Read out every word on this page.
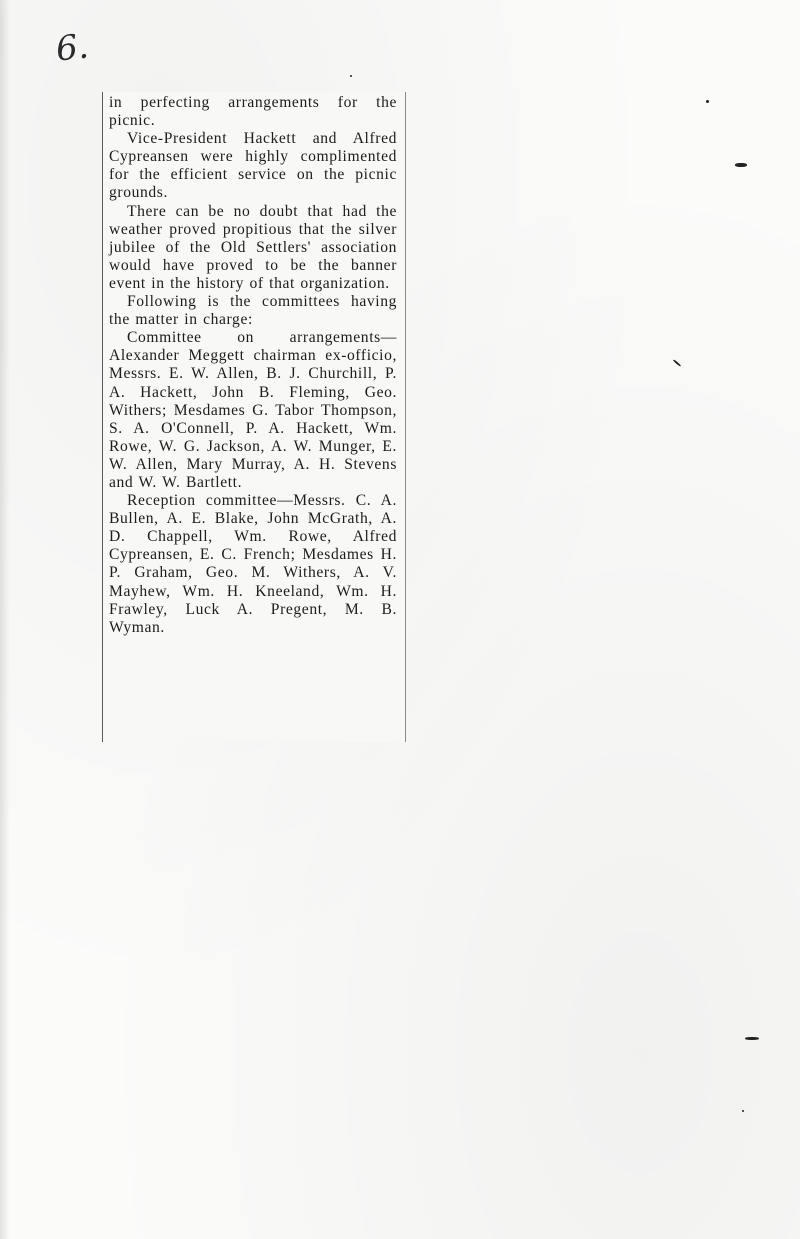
6.

in perfecting arrangements for the picnic.

Vice-President Hackett and Alfred Cypreansen were highly complimented for the efficient service on the picnic grounds.

There can be no doubt that had the weather proved propitious that the silver jubilee of the Old Settlers' association would have proved to be the banner event in the history of that organization.

Following is the committees having the matter in charge:

Committee on arrangements—Alexander Meggett chairman ex-officio, Messrs. E. W. Allen, B. J. Churchill, P. A. Hackett, John B. Fleming, Geo. Withers; Mesdames G. Tabor Thompson, S. A. O'Connell, P. A. Hackett, Wm. Rowe, W. G. Jackson, A. W. Munger, E. W. Allen, Mary Murray, A. H. Stevens and W. W. Bartlett.

Reception committee—Messrs. C. A. Bullen, A. E. Blake, John McGrath, A. D. Chappell, Wm. Rowe, Alfred Cypreansen, E. C. French; Mesdames H. P. Graham, Geo. M. Withers, A. V. Mayhew, Wm. H. Kneeland, Wm. H. Frawley, Luck A. Pregent, M. B. Wyman.
